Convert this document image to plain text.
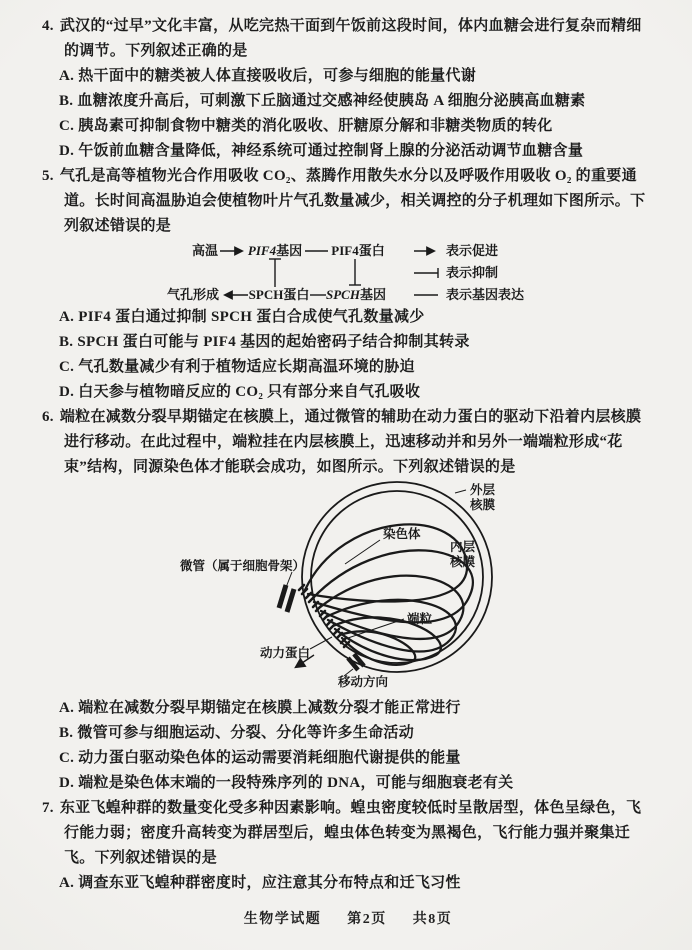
4. 武汉的“过早”文化丰富，从吃完热干面到午饭前这段时间，体内血糖会进行复杂而精细的调节。下列叙述正确的是

A. 热干面中的糖类被人体直接吸收后，可参与细胞的能量代谢

B. 血糖浓度升高后，可刺激下丘脑通过交感神经使胰岛 A 细胞分泌胰高血糖素

C. 胰岛素可抑制食物中糖类的消化吸收、肝糖原分解和非糖类物质的转化

D. 午饭前血糖含量降低，神经系统可通过控制肾上腺的分泌活动调节血糖含量

5. 气孔是高等植物光合作用吸收 CO₂、蒸腾作用散失水分以及呼吸作用吸收 O₂ 的重要通道。长时间高温胁迫会使植物叶片气孔数量减少，相关调控的分子机理如下图所示。下列叙述错误的是

高温 PIF4基因 PIF4蛋白
气孔形成 SPCH蛋白 SPCH基因
表示促进
表示抑制
表示基因表达

A. PIF4 蛋白通过抑制 SPCH 蛋白合成使气孔数量减少

B. SPCH 蛋白可能与 PIF4 基因的起始密码子结合抑制其转录

C. 气孔数量减少有利于植物适应长期高温环境的胁迫

D. 白天参与植物暗反应的 CO₂ 只有部分来自气孔吸收

6. 端粒在减数分裂早期锚定在核膜上，通过微管的辅助在动力蛋白的驱动下沿着内层核膜进行移动。在此过程中，端粒挂在内层核膜上，迅速移动并和另外一端端粒形成“花束”结构，同源染色体才能联会成功，如图所示。下列叙述错误的是

外层
核膜
内层
核膜
染色体
微管（属于细胞骨架）
端粒
动力蛋白
移动方向

A. 端粒在减数分裂早期锚定在核膜上减数分裂才能正常进行

B. 微管可参与细胞运动、分裂、分化等许多生命活动

C. 动力蛋白驱动染色体的运动需要消耗细胞代谢提供的能量

D. 端粒是染色体末端的一段特殊序列的 DNA，可能与细胞衰老有关

7. 东亚飞蝗种群的数量变化受多种因素影响。蝗虫密度较低时呈散居型，体色呈绿色，飞行能力弱；密度升高转变为群居型后，蝗虫体色转变为黑褐色，飞行能力强并聚集迁飞。下列叙述错误的是

A. 调查东亚飞蝗种群密度时，应注意其分布特点和迁飞习性

生物学试题 第2页 共8页
